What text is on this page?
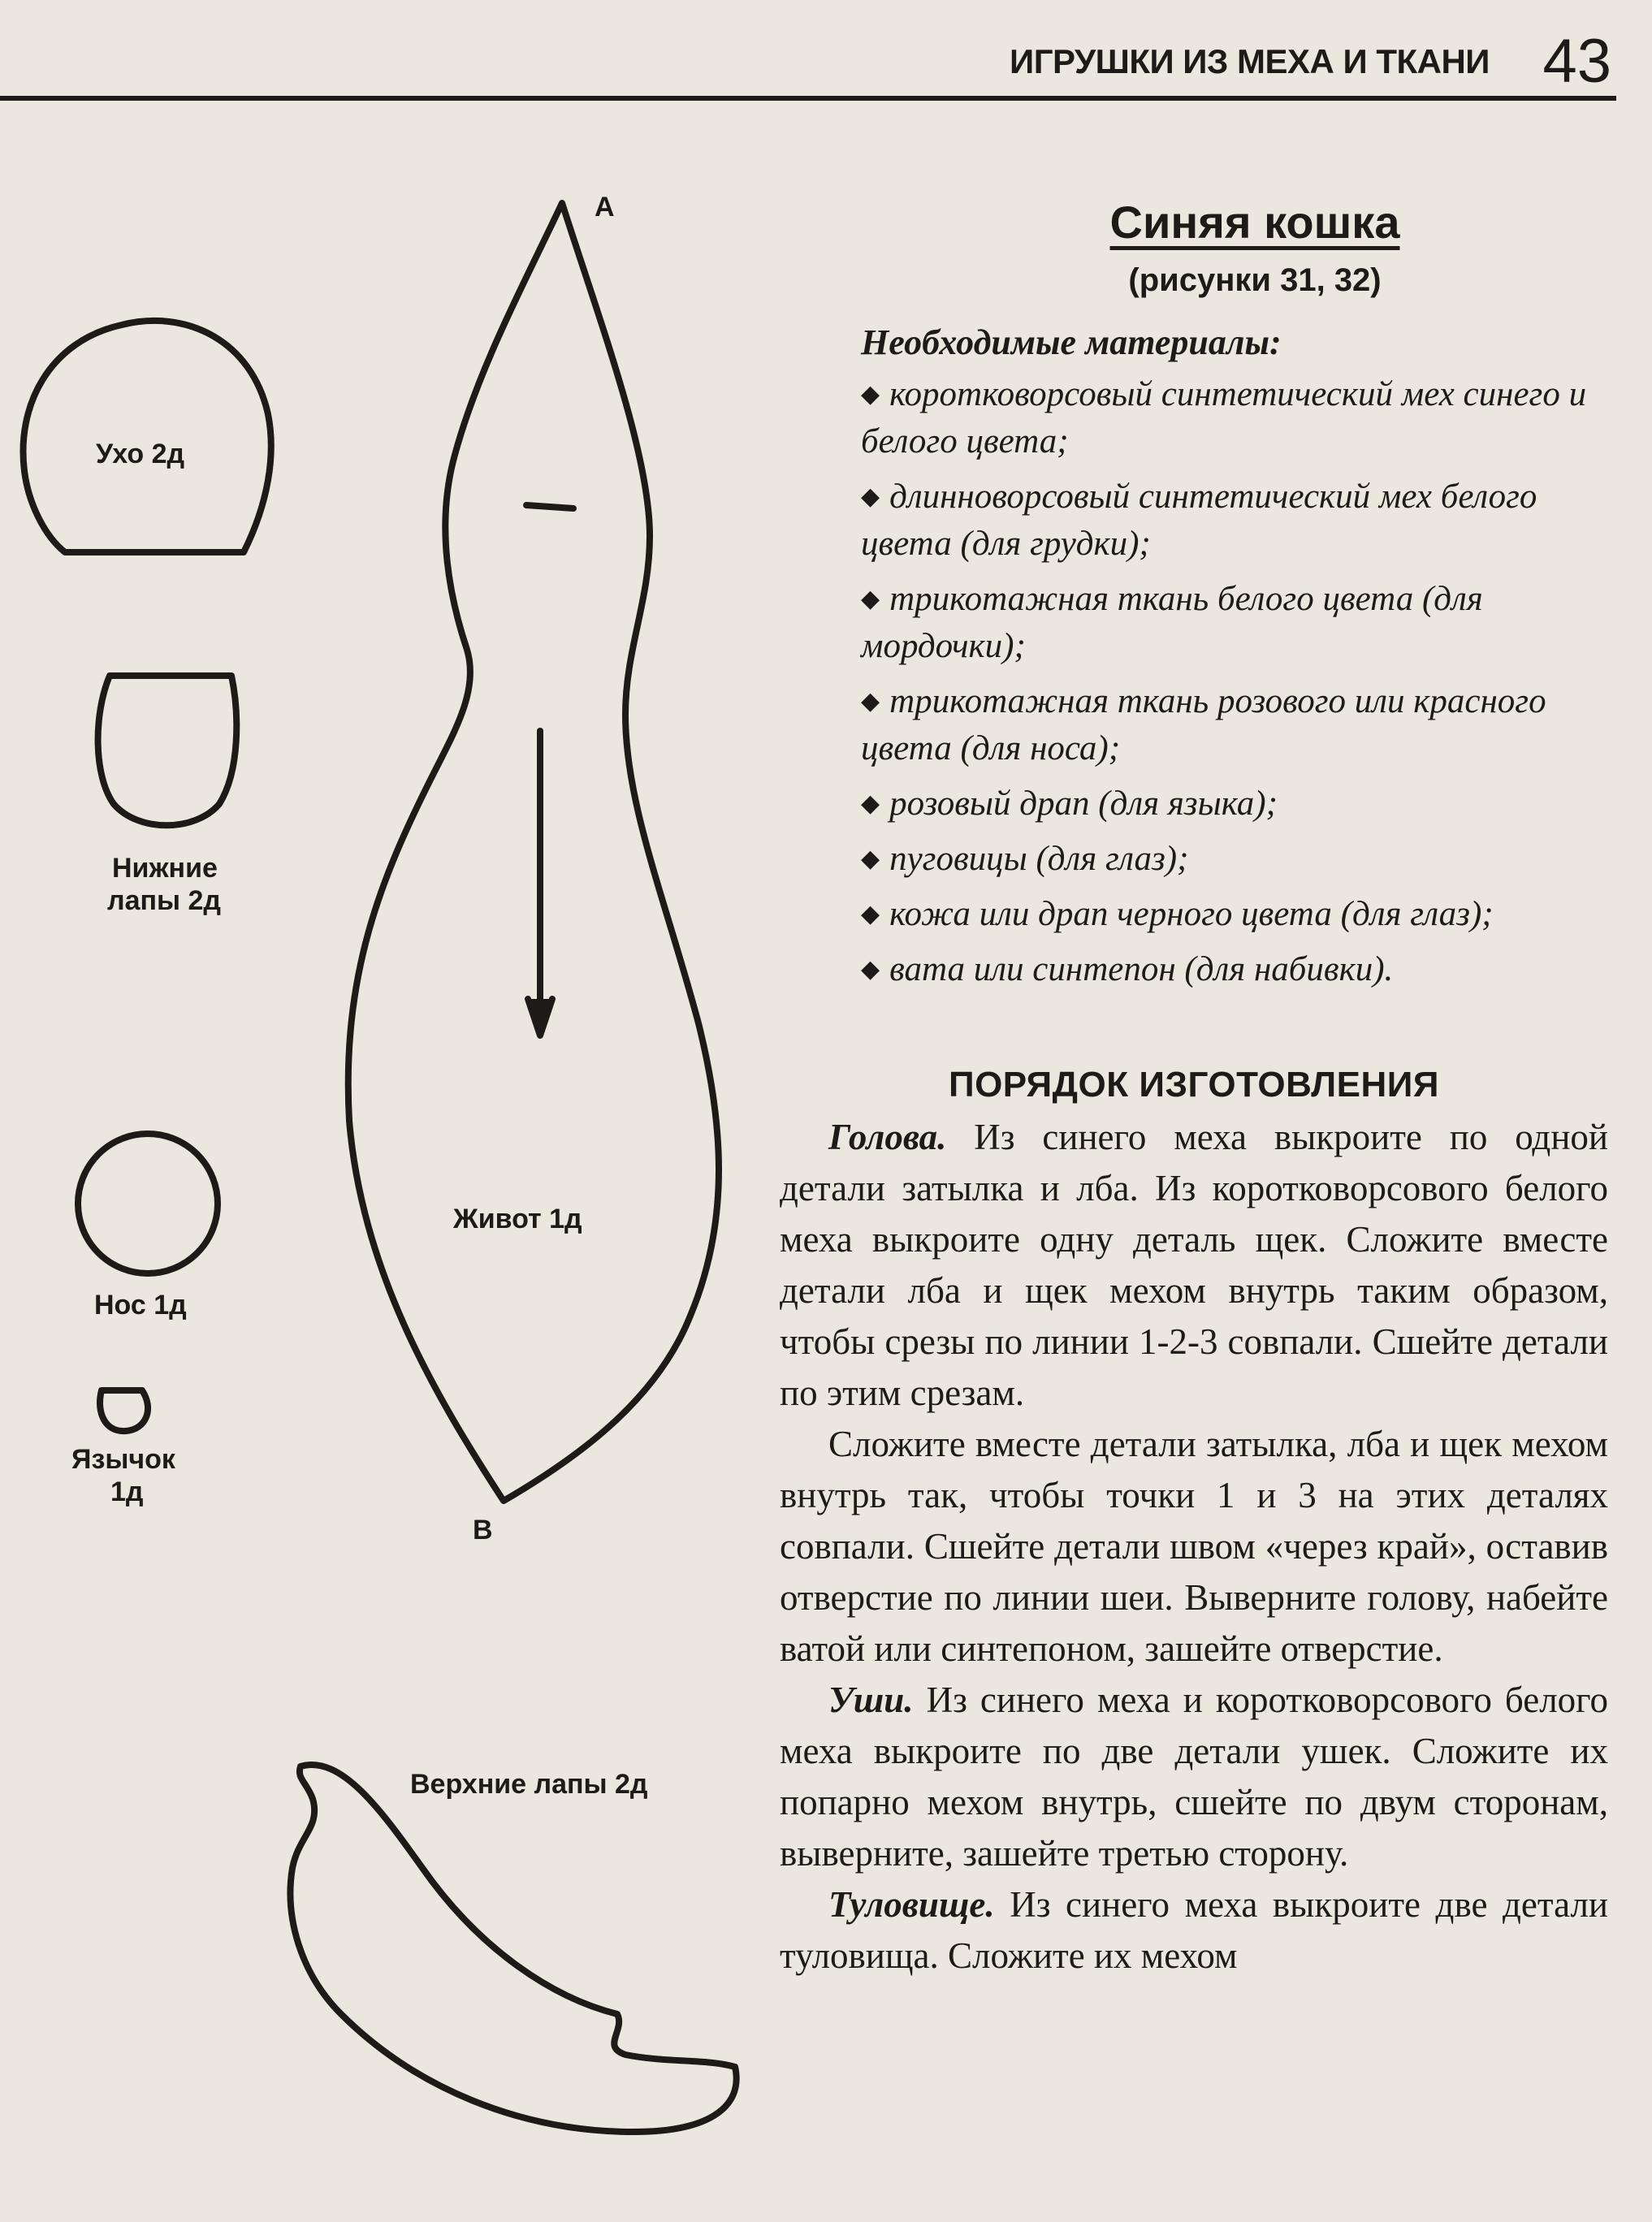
ИГРУШКИ ИЗ МЕХА И ТКАНИ 43
Ухо 2д
Нижние
лапы 2д
Нос 1д
Язычок
1д
Живот 1д
А
В
Верхние лапы 2д
Синяя кошка
(рисунки 31, 32)
Необходимые материалы:
◆ коротковорсовый синтетический мех синего и белого цвета;
◆ длинноворсовый синтетический мех белого цвета (для грудки);
◆ трикотажная ткань белого цвета (для мордочки);
◆ трикотажная ткань розового или красного цвета (для носа);
◆ розовый драп (для языка);
◆ пуговицы (для глаз);
◆ кожа или драп черного цвета (для глаз);
◆ вата или синтепон (для набивки).
ПОРЯДОК ИЗГОТОВЛЕНИЯ

Голова. Из синего меха выкроите по одной детали затылка и лба. Из коротковорсового белого меха выкроите одну деталь щек. Сложите вместе детали лба и щек мехом внутрь таким образом, чтобы срезы по линии 1-2-3 совпали. Сшейте детали по этим срезам.

Сложите вместе детали затылка, лба и щек мехом внутрь так, чтобы точки 1 и 3 на этих деталях совпали. Сшейте детали швом «через край», оставив отверстие по линии шеи. Выверните голову, набейте ватой или синтепоном, зашейте отверстие.

Уши. Из синего меха и коротковорсового белого меха выкроите по две детали ушек. Сложите их попарно мехом внутрь, сшейте по двум сторонам, выверните, зашейте третью сторону.

Туловище. Из синего меха выкроите две детали туловища. Сложите их мехом
